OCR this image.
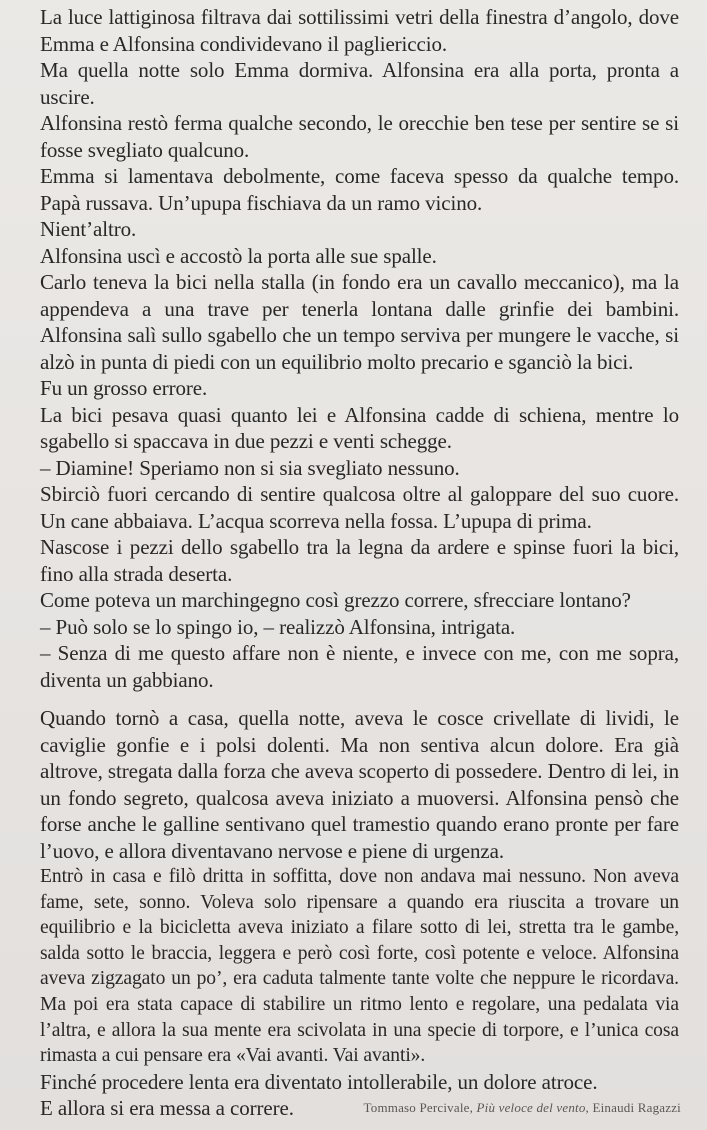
La luce lattiginosa filtrava dai sottilissimi vetri della finestra d’angolo, dove Emma e Alfonsina condividevano il pagliericcio.

Ma quella notte solo Emma dormiva. Alfonsina era alla porta, pronta a uscire.

Alfonsina restò ferma qualche secondo, le orecchie ben tese per sentire se si fosse svegliato qualcuno.

Emma si lamentava debolmente, come faceva spesso da qualche tempo. Papà russava. Un’upupa fischiava da un ramo vicino.

Nient’altro.

Alfonsina uscì e accostò la porta alle sue spalle.

Carlo teneva la bici nella stalla (in fondo era un cavallo meccanico), ma la appendeva a una trave per tenerla lontana dalle grinfie dei bambini. Alfonsina salì sullo sgabello che un tempo serviva per mungere le vacche, si alzò in punta di piedi con un equilibrio molto precario e sganciò la bici.

Fu un grosso errore.

La bici pesava quasi quanto lei e Alfonsina cadde di schiena, mentre lo sgabello si spaccava in due pezzi e venti schegge.

– Diamine! Speriamo non si sia svegliato nessuno.

Sbirciò fuori cercando di sentire qualcosa oltre al galoppare del suo cuore. Un cane abbaiava. L’acqua scorreva nella fossa. L’upupa di prima.

Nascose i pezzi dello sgabello tra la legna da ardere e spinse fuori la bici, fino alla strada deserta.

Come poteva un marchingegno così grezzo correre, sfrecciare lontano?

– Può solo se lo spingo io, – realizzò Alfonsina, intrigata.

– Senza di me questo affare non è niente, e invece con me, con me sopra, diventa un gabbiano.

Quando tornò a casa, quella notte, aveva le cosce crivellate di lividi, le caviglie gonfie e i polsi dolenti. Ma non sentiva alcun dolore. Era già altrove, stregata dalla forza che aveva scoperto di possedere. Dentro di lei, in un fondo segreto, qualcosa aveva iniziato a muoversi. Alfonsina pensò che forse anche le galline sentivano quel tramestio quando erano pronte per fare l’uovo, e allora diventavano nervose e piene di urgenza.

Entrò in casa e filò dritta in soffitta, dove non andava mai nessuno. Non aveva fame, sete, sonno. Voleva solo ripensare a quando era riuscita a trovare un equilibrio e la bicicletta aveva iniziato a filare sotto di lei, stretta tra le gambe, salda sotto le braccia, leggera e però così forte, così potente e veloce. Alfonsina aveva zigzagato un po’, era caduta talmente tante volte che neppure le ricordava. Ma poi era stata capace di stabilire un ritmo lento e regolare, una pedalata via l’altra, e allora la sua mente era scivolata in una specie di torpore, e l’unica cosa rimasta a cui pensare era «Vai avanti. Vai avanti».

Finché procedere lenta era diventato intollerabile, un dolore atroce.

E allora si era messa a correre.	Tommaso Percivale, Più veloce del vento, Einaudi Ragazzi
